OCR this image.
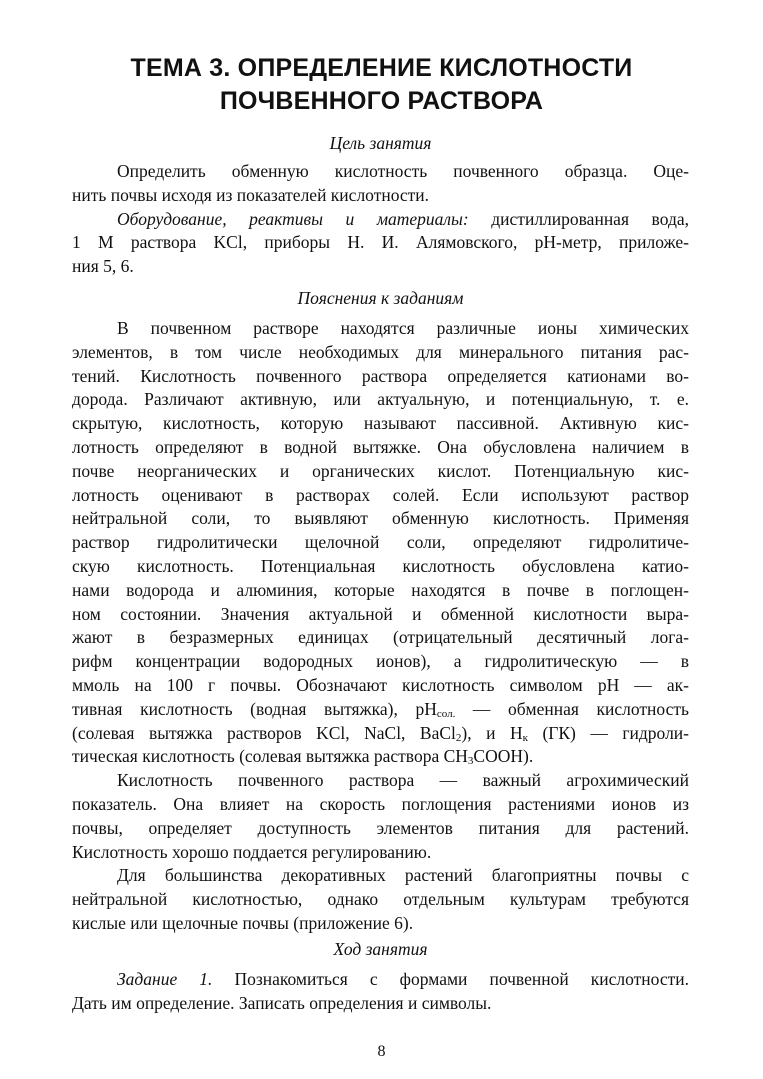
ТЕМА 3. ОПРЕДЕЛЕНИЕ КИСЛОТНОСТИ
ПОЧВЕННОГО РАСТВОРА
Цель занятия
Определить обменную кислотность почвенного образца. Оце-
нить почвы исходя из показателей кислотности.
Оборудование, реактивы и материалы: дистиллированная вода,
1 М раствора KCl, приборы Н. И. Алямовского, pH-метр, приложе-
ния 5, 6.
Пояснения к заданиям
В почвенном растворе находятся различные ионы химических
элементов, в том числе необходимых для минерального питания рас-
тений. Кислотность почвенного раствора определяется катионами во-
дорода. Различают активную, или актуальную, и потенциальную, т. е.
скрытую, кислотность, которую называют пассивной. Активную кис-
лотность определяют в водной вытяжке. Она обусловлена наличием в
почве неорганических и органических кислот. Потенциальную кис-
лотность оценивают в растворах солей. Если используют раствор
нейтральной соли, то выявляют обменную кислотность. Применяя
раствор гидролитически щелочной соли, определяют гидролитиче-
скую кислотность. Потенциальная кислотность обусловлена катио-
нами водорода и алюминия, которые находятся в почве в поглощен-
ном состоянии. Значения актуальной и обменной кислотности выра-
жают в безразмерных единицах (отрицательный десятичный лога-
рифм концентрации водородных ионов), а гидролитическую — в
ммоль на 100 г почвы. Обозначают кислотность символом pH — ак-
тивная кислотность (водная вытяжка), $pH_{сол.}$ — обменная кислотность
(солевая вытяжка растворов KCl, NaCl, BaCl$_2$), и $H_к$ (ГК) — гидроли-
тическая кислотность (солевая вытяжка раствора $CH_3COOH$).
Кислотность почвенного раствора — важный агрохимический
показатель. Она влияет на скорость поглощения растениями ионов из
почвы, определяет доступность элементов питания для растений.
Кислотность хорошо поддается регулированию.
Для большинства декоративных растений благоприятны почвы с
нейтральной кислотностью, однако отдельным культурам требуются
кислые или щелочные почвы (приложение 6).
Ход занятия
Задание 1. Познакомиться с формами почвенной кислотности.
Дать им определение. Записать определения и символы.
8
